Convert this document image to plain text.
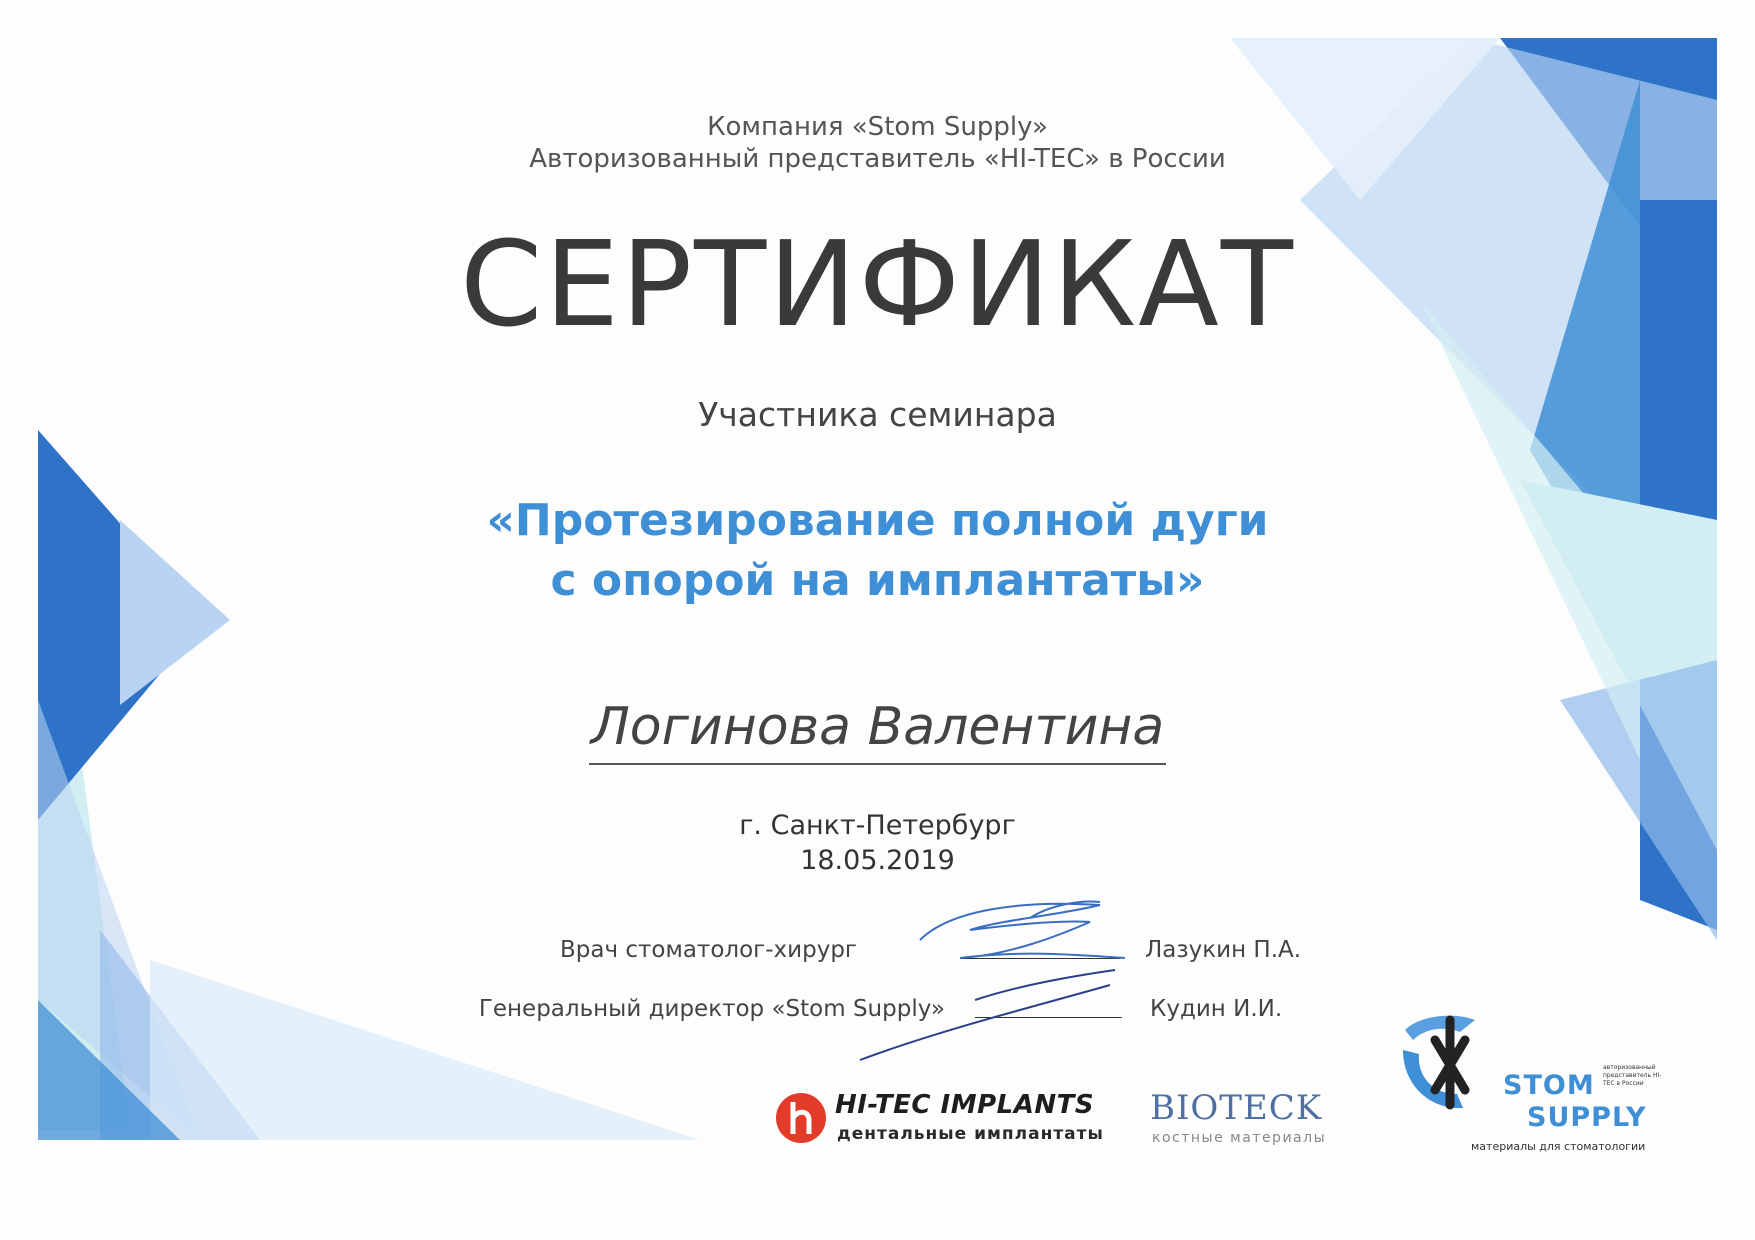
Компания «Stom Supply»
Авторизованный представитель «HI-TEC» в России
СЕРТИФИКАТ
Участника семинара
«Протезирование полной дуги
с опорой на имплантаты»
Логинова Валентина
г. Санкт-Петербург
18.05.2019
Врач стоматолог-хирург	Лазукин П.А.
Генеральный директор «Stom Supply»	Кудин И.И.
HI-TEC IMPLANTS
дентальные имплантаты
BIOTECK
костные материалы
STOM
SUPPLY
авторизованный представитель HI-TEC в России
материалы для стоматологии
